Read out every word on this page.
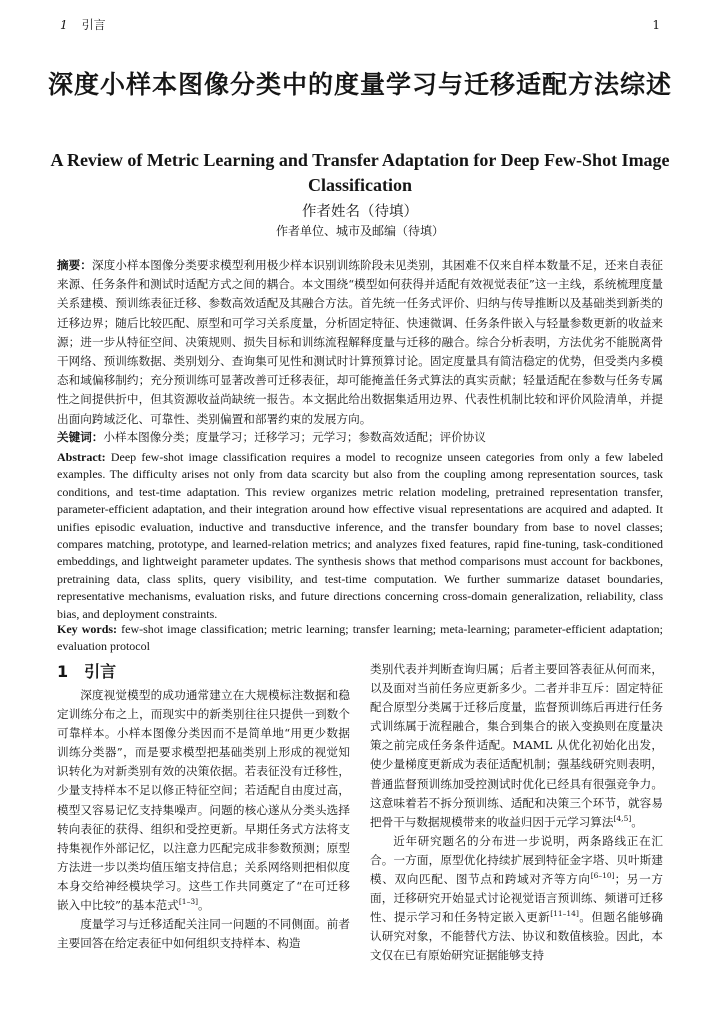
1 引言	1
深度小样本图像分类中的度量学习与迁移适配方法综述
A Review of Metric Learning and Transfer Adaptation for Deep Few-Shot Image Classification
作者姓名（待填）
作者单位、城市及邮编（待填）
摘要：深度小样本图像分类要求模型利用极少样本识别训练阶段未见类别，其困难不仅来自样本数量不足，还来自表征来源、任务条件和测试时适配方式之间的耦合。本文围绕“模型如何获得并适配有效视觉表征”这一主线，系统梳理度量关系建模、预训练表征迁移、参数高效适配及其融合方法。首先统一任务式评价、归纳与传导推断以及基础类到新类的迁移边界；随后比较匹配、原型和可学习关系度量，分析固定特征、快速微调、任务条件嵌入与轻量参数更新的收益来源；进一步从特征空间、决策规则、损失目标和训练流程解释度量与迁移的融合。综合分析表明，方法优劣不能脱离骨干网络、预训练数据、类别划分、查询集可见性和测试时计算预算讨论。固定度量具有简洁稳定的优势，但受类内多模态和域偏移制约；充分预训练可显著改善可迁移表征，却可能掩盖任务式算法的真实贡献；轻量适配在参数与任务专属性之间提供折中，但其资源收益尚缺统一报告。本文据此给出数据集适用边界、代表性机制比较和评价风险清单，并提出面向跨域泛化、可靠性、类别偏置和部署约束的发展方向。
关键词：小样本图像分类；度量学习；迁移学习；元学习；参数高效适配；评价协议
Abstract: Deep few-shot image classification requires a model to recognize unseen categories from only a few labeled examples. The difficulty arises not only from data scarcity but also from the coupling among representation sources, task conditions, and test-time adaptation. This review organizes metric relation modeling, pretrained representation transfer, parameter-efficient adaptation, and their integration around how effective visual representations are acquired and adapted. It unifies episodic evaluation, inductive and transductive inference, and the transfer boundary from base to novel classes; compares matching, prototype, and learned-relation metrics; and analyzes fixed features, rapid fine-tuning, task-conditioned embeddings, and lightweight parameter updates. The synthesis shows that method comparisons must account for backbones, pretraining data, class splits, query visibility, and test-time computation. We further summarize dataset boundaries, representative mechanisms, evaluation risks, and future directions concerning cross-domain generalization, reliability, class bias, and deployment constraints.
Key words: few-shot image classification; metric learning; transfer learning; meta-learning; parameter-efficient adaptation; evaluation protocol
1 引言

深度视觉模型的成功通常建立在大规模标注数据和稳定训练分布之上，而现实中的新类别往往只提供一到数个可靠样本。小样本图像分类因而不是简单地“用更少数据训练分类器”，而是要求模型把基础类别上形成的视觉知识转化为对新类别有效的决策依据。若表征没有迁移性，少量支持样本不足以修正特征空间；若适配自由度过高，模型又容易记忆支持集噪声。问题的核心遂从分类头选择转向表征的获得、组织和受控更新。早期任务式方法将支持集视作外部记忆，以注意力匹配完成非参数预测；原型方法进一步以类均值压缩支持信息；关系网络则把相似度本身交给神经模块学习。这些工作共同奠定了“在可迁移嵌入中比较”的基本范式[1–3]。

度量学习与迁移适配关注同一问题的不同侧面。前者主要回答在给定表征中如何组织支持样本、构造

类别代表并判断查询归属；后者主要回答表征从何而来，以及面对当前任务应更新多少。二者并非互斥：固定特征配合原型分类属于迁移后度量，监督预训练后再进行任务式训练属于流程融合，集合到集合的嵌入变换则在度量决策之前完成任务条件适配。MAML 从优化初始化出发，使少量梯度更新成为表征适配机制；强基线研究则表明，普通监督预训练加受控测试时优化已经具有很强竞争力。这意味着若不拆分预训练、适配和决策三个环节，就容易把骨干与数据规模带来的收益归因于元学习算法[4,5]。

近年研究题名的分布进一步说明，两条路线正在汇合。一方面，原型优化持续扩展到特征金字塔、贝叶斯建模、双向匹配、图节点和跨域对齐等方向[6–10]；另一方面，迁移研究开始显式讨论视觉语言预训练、频谱可迁移性、提示学习和任务特定嵌入更新[11–14]。但题名能够确认研究对象，不能替代方法、协议和数值核验。因此，本文仅在已有原始研究证据能够支持
